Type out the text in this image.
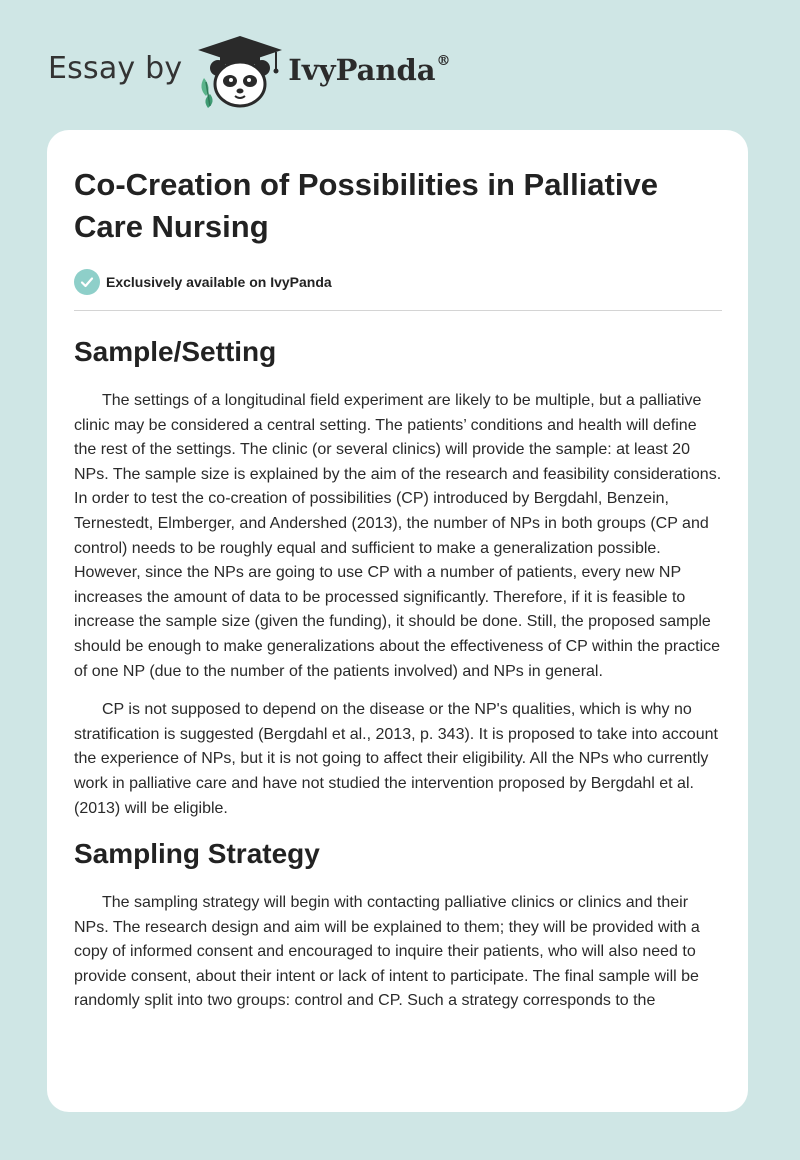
Essay by	IvyPanda®
Co-Creation of Possibilities in Palliative Care Nursing
Exclusively available on IvyPanda
Sample/Setting

The settings of a longitudinal field experiment are likely to be multiple, but a palliative clinic may be considered a central setting. The patients’ conditions and health will define the rest of the settings. The clinic (or several clinics) will provide the sample: at least 20 NPs. The sample size is explained by the aim of the research and feasibility considerations. In order to test the co-creation of possibilities (CP) introduced by Bergdahl, Benzein, Ternestedt, Elmberger, and Andershed (2013), the number of NPs in both groups (CP and control) needs to be roughly equal and sufficient to make a generalization possible. However, since the NPs are going to use CP with a number of patients, every new NP increases the amount of data to be processed significantly. Therefore, if it is feasible to increase the sample size (given the funding), it should be done. Still, the proposed sample should be enough to make generalizations about the effectiveness of CP within the practice of one NP (due to the number of the patients involved) and NPs in general.

CP is not supposed to depend on the disease or the NP's qualities, which is why no stratification is suggested (Bergdahl et al., 2013, p. 343). It is proposed to take into account the experience of NPs, but it is not going to affect their eligibility. All the NPs who currently work in palliative care and have not studied the intervention proposed by Bergdahl et al. (2013) will be eligible.

Sampling Strategy

The sampling strategy will begin with contacting palliative clinics or clinics and their NPs. The research design and aim will be explained to them; they will be provided with a copy of informed consent and encouraged to inquire their patients, who will also need to provide consent, about their intent or lack of intent to participate. The final sample will be randomly split into two groups: control and CP. Such a strategy corresponds to the
